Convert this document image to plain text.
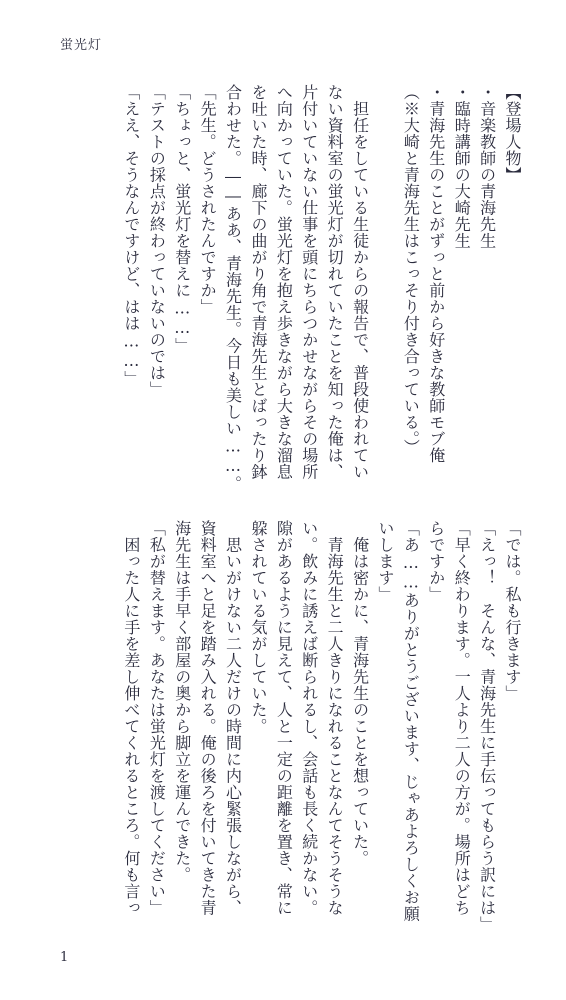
蛍光灯
【登場人物】
・音楽教師の青海先生
・臨時講師の大崎先生
・青海先生のことがずっと前から好きな教師モブ俺
（※大崎と青海先生はこっそり付き合っている。）

　担任をしている生徒からの報告で、普段使われてい
ない資料室の蛍光灯が切れていたことを知った俺は、
片付いていない仕事を頭にちらつかせながらその場所
へ向かっていた。蛍光灯を抱え歩きながら大きな溜息
を吐いた時、廊下の曲がり角で青海先生とばったり鉢
合わせた。――ああ、青海先生。今日も美しい……。
「先生。どうされたんですか」
「ちょっと、蛍光灯を替えに……」
「テストの採点が終わっていないのでは」
「ええ、そうなんですけど、はは……」
「では。私も行きます」
「えっ！　そんな、青海先生に手伝ってもらう訳には」
「早く終わります。一人より二人の方が。場所はどち
らですか」
「あ……ありがとうございます、じゃあよろしくお願
いします」
　俺は密かに、青海先生のことを想っていた。
　青海先生と二人きりになれることなんてそうそうな
い。飲みに誘えば断られるし、会話も長く続かない。
隙があるように見えて、人と一定の距離を置き、常に
躱されている気がしていた。
　思いがけない二人だけの時間に内心緊張しながら、
資料室へと足を踏み入れる。俺の後ろを付いてきた青
海先生は手早く部屋の奥から脚立を運んできた。
「私が替えます。あなたは蛍光灯を渡してください」
　困った人に手を差し伸べてくれるところ。何も言っ
1
